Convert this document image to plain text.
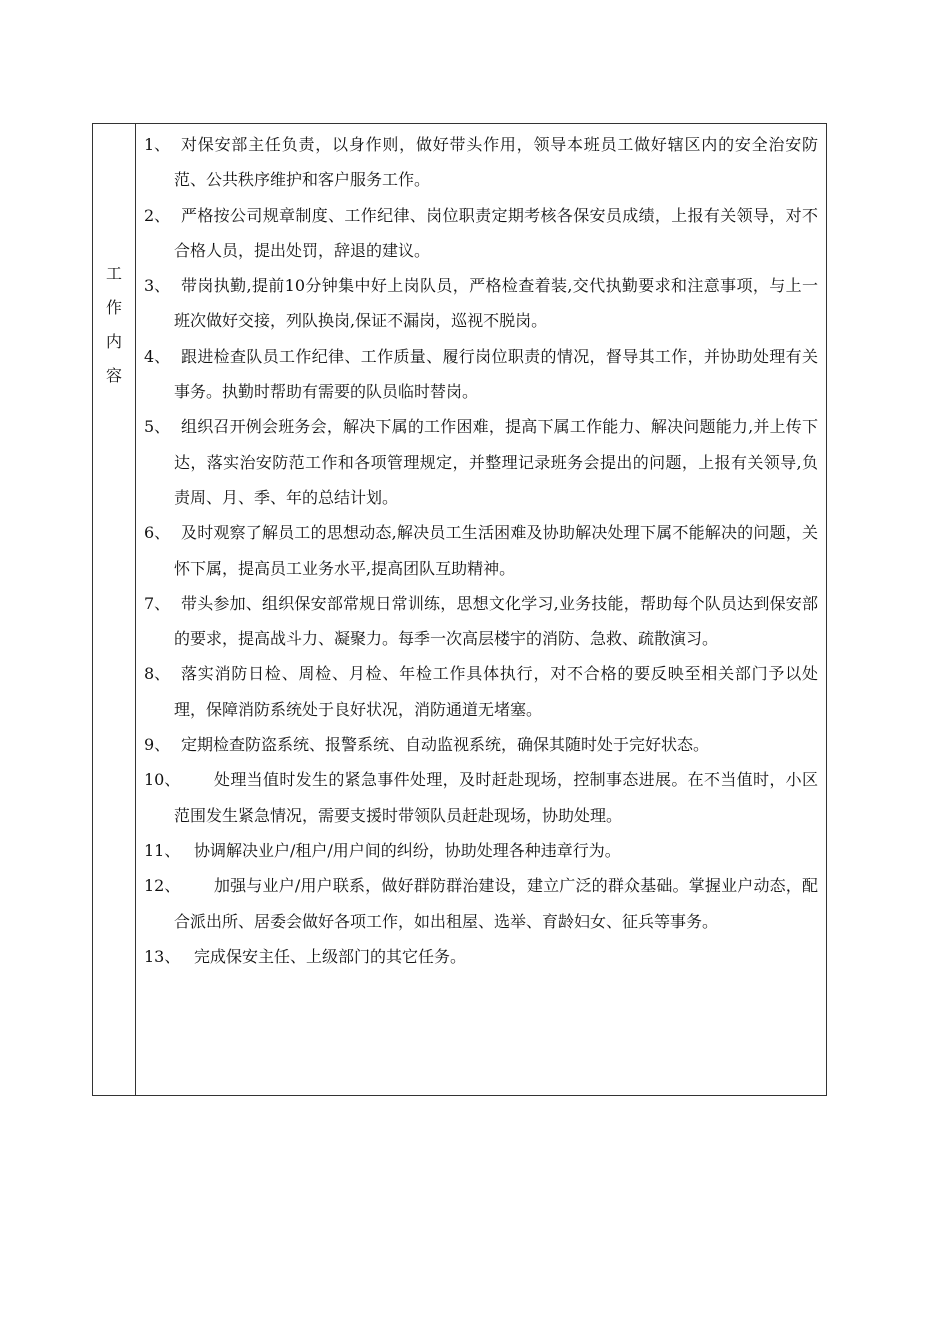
工
作
内
容

1、 对保安部主任负责，以身作则，做好带头作用，领导本班员工做好辖区内的安全治安防范、公共秩序维护和客户服务工作。

2、 严格按公司规章制度、工作纪律、岗位职责定期考核各保安员成绩，上报有关领导，对不合格人员，提出处罚，辞退的建议。

3、 带岗执勤,提前10分钟集中好上岗队员，严格检查着装,交代执勤要求和注意事项，与上一班次做好交接，列队换岗,保证不漏岗，巡视不脱岗。

4、 跟进检查队员工作纪律、工作质量、履行岗位职责的情况，督导其工作，并协助处理有关事务。执勤时帮助有需要的队员临时替岗。

5、 组织召开例会班务会，解决下属的工作困难，提高下属工作能力、解决问题能力,并上传下达，落实治安防范工作和各项管理规定，并整理记录班务会提出的问题，上报有关领导,负责周、月、季、年的总结计划。

6、 及时观察了解员工的思想动态,解决员工生活困难及协助解决处理下属不能解决的问题，关怀下属，提高员工业务水平,提高团队互助精神。

7、 带头参加、组织保安部常规日常训练，思想文化学习,业务技能，帮助每个队员达到保安部的要求，提高战斗力、凝聚力。每季一次高层楼宇的消防、急救、疏散演习。

8、 落实消防日检、周检、月检、年检工作具体执行，对不合格的要反映至相关部门予以处理，保障消防系统处于良好状况，消防通道无堵塞。

9、 定期检查防盗系统、报警系统、自动监视系统，确保其随时处于完好状态。

10、	处理当值时发生的紧急事件处理，及时赶赴现场，控制事态进展。在不当值时，小区范围发生紧急情况，需要支援时带领队员赶赴现场，协助处理。

11、 协调解决业户/租户/用户间的纠纷，协助处理各种违章行为。

12、	加强与业户/用户联系，做好群防群治建设，建立广泛的群众基础。掌握业户动态，配合派出所、居委会做好各项工作，如出租屋、选举、育龄妇女、征兵等事务。

13、 完成保安主任、上级部门的其它任务。
